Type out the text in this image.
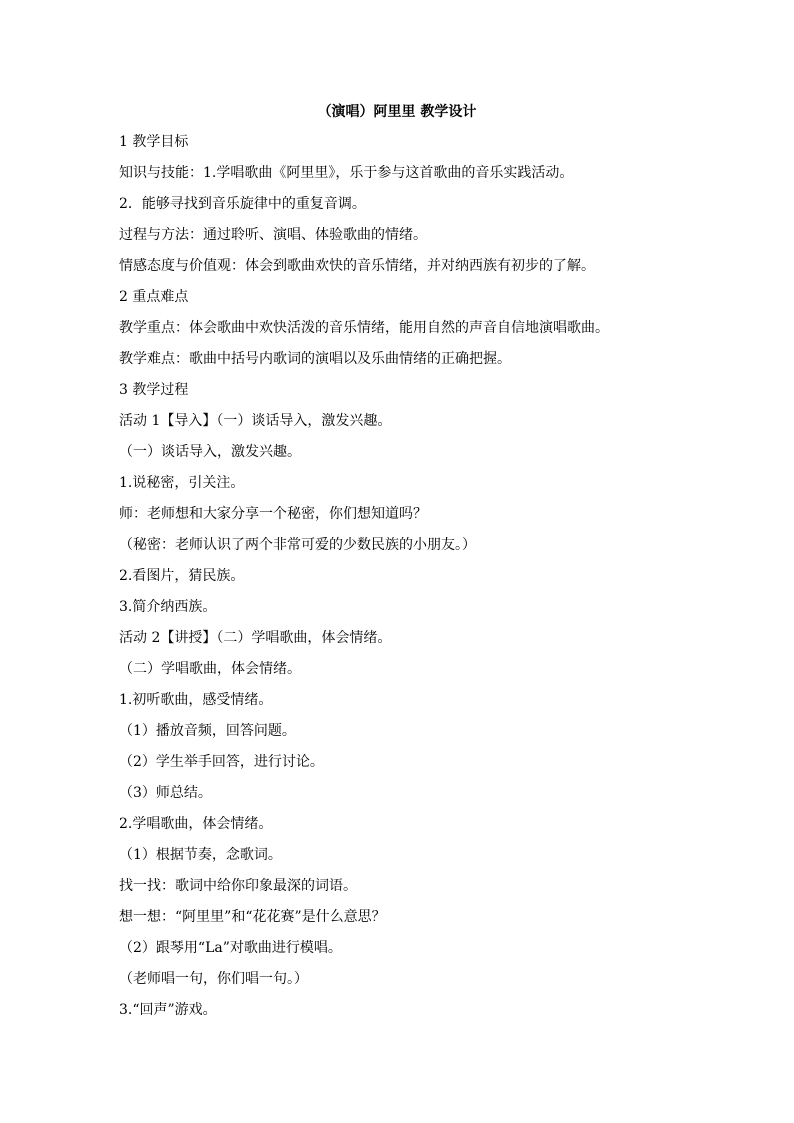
（演唱）阿里里 教学设计
1 教学目标
知识与技能：1.学唱歌曲《阿里里》，乐于参与这首歌曲的音乐实践活动。
2．能够寻找到音乐旋律中的重复音调。
过程与方法：通过聆听、演唱、体验歌曲的情绪。
情感态度与价值观：体会到歌曲欢快的音乐情绪，并对纳西族有初步的了解。
2 重点难点
教学重点：体会歌曲中欢快活泼的音乐情绪，能用自然的声音自信地演唱歌曲。
教学难点：歌曲中括号内歌词的演唱以及乐曲情绪的正确把握。
3 教学过程
活动 1【导入】（一）谈话导入，激发兴趣。
（一）谈话导入，激发兴趣。
1.说秘密，引关注。
师：老师想和大家分享一个秘密，你们想知道吗？
（秘密：老师认识了两个非常可爱的少数民族的小朋友。）
2.看图片，猜民族。
3.简介纳西族。
活动 2【讲授】（二）学唱歌曲，体会情绪。
（二）学唱歌曲，体会情绪。
1.初听歌曲，感受情绪。
（1）播放音频，回答问题。
（2）学生举手回答，进行讨论。
（3）师总结。
2.学唱歌曲，体会情绪。
（1）根据节奏，念歌词。
找一找：歌词中给你印象最深的词语。
想一想：“阿里里”和“花花赛”是什么意思？
（2）跟琴用“La”对歌曲进行模唱。
（老师唱一句，你们唱一句。）
3.“回声”游戏。
